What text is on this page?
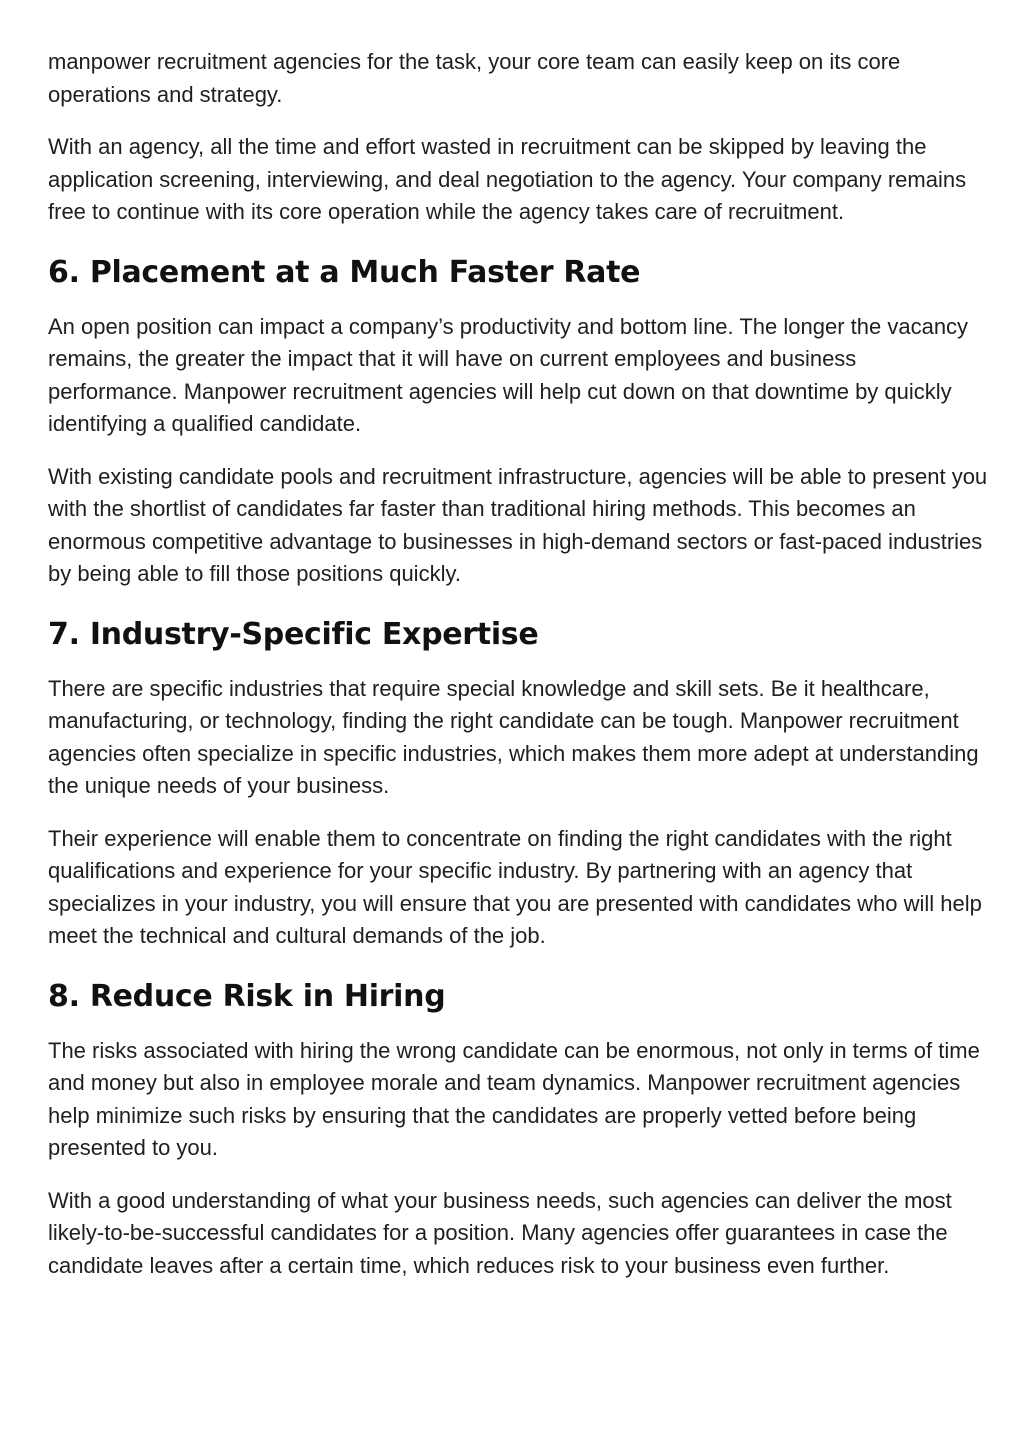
manpower recruitment agencies for the task, your core team can easily keep on its core operations and strategy.

With an agency, all the time and effort wasted in recruitment can be skipped by leaving the application screening, interviewing, and deal negotiation to the agency. Your company remains free to continue with its core operation while the agency takes care of recruitment.

6. Placement at a Much Faster Rate

An open position can impact a company’s productivity and bottom line. The longer the vacancy remains, the greater the impact that it will have on current employees and business performance. Manpower recruitment agencies will help cut down on that downtime by quickly identifying a qualified candidate.

With existing candidate pools and recruitment infrastructure, agencies will be able to present you with the shortlist of candidates far faster than traditional hiring methods. This becomes an enormous competitive advantage to businesses in high-demand sectors or fast-paced industries by being able to fill those positions quickly.

7. Industry-Specific Expertise

There are specific industries that require special knowledge and skill sets. Be it healthcare, manufacturing, or technology, finding the right candidate can be tough. Manpower recruitment agencies often specialize in specific industries, which makes them more adept at understanding the unique needs of your business.

Their experience will enable them to concentrate on finding the right candidates with the right qualifications and experience for your specific industry. By partnering with an agency that specializes in your industry, you will ensure that you are presented with candidates who will help meet the technical and cultural demands of the job.

8. Reduce Risk in Hiring

The risks associated with hiring the wrong candidate can be enormous, not only in terms of time and money but also in employee morale and team dynamics. Manpower recruitment agencies help minimize such risks by ensuring that the candidates are properly vetted before being presented to you.

With a good understanding of what your business needs, such agencies can deliver the most likely-to-be-successful candidates for a position. Many agencies offer guarantees in case the candidate leaves after a certain time, which reduces risk to your business even further.
